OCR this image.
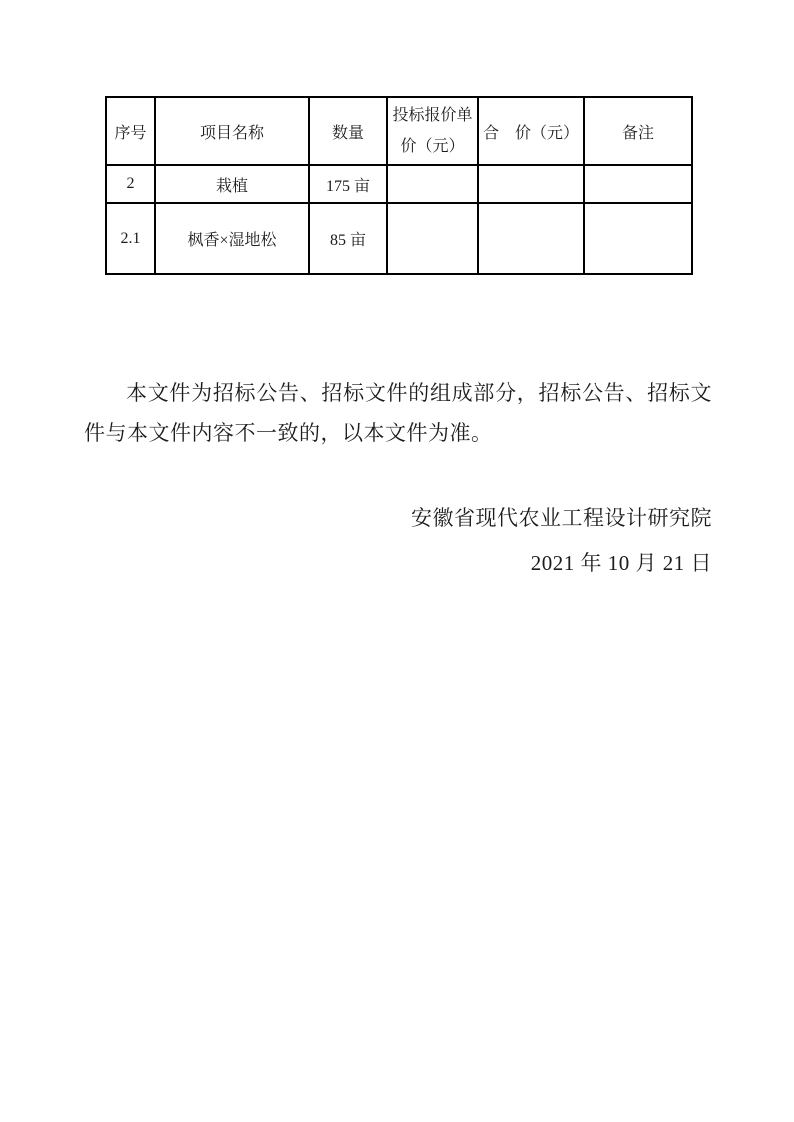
序号	项目名称	数量	投标报价单价（元）	合　价（元）	备注
2	栽植	175 亩			
2.1	枫香×湿地松	85 亩			

本文件为招标公告、招标文件的组成部分，招标公告、招标文件与本文件内容不一致的，以本文件为准。

安徽省现代农业工程设计研究院
2021 年 10 月 21 日
